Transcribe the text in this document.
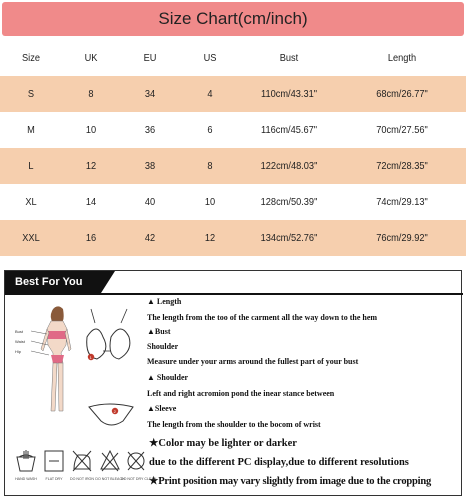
Size Chart(cm/inch)
Size	UK	EU	US	Bust	Length
S	8	34	4	110cm/43.31"	68cm/26.77"
M	10	36	6	116cm/45.67"	70cm/27.56"
L	12	38	8	122cm/48.03"	72cm/28.35"
XL	14	40	10	128cm/50.39"	74cm/29.13"
XXL	16	42	12	134cm/52.76"	76cm/29.92"
Best For You
Bust
Waist
Hip
1
2
▲ Length
The length from the too of the carment all the way down to the hem
▲Bust
Shoulder
Measure under your arms around the fullest part of your bust
▲ Shoulder
Left and right acromion pond the inear stance between
▲Sleeve
The length from the shoulder to the bocom of wrist
★Color may be lighter or darker
due to the different PC display,due to different resolutions
★Print position may vary slightly from image due to the cropping
HAND WASH	FLAT DRY	DO NOT IRON DO NOT BLEACH
DO NOT DRY CLEAN
